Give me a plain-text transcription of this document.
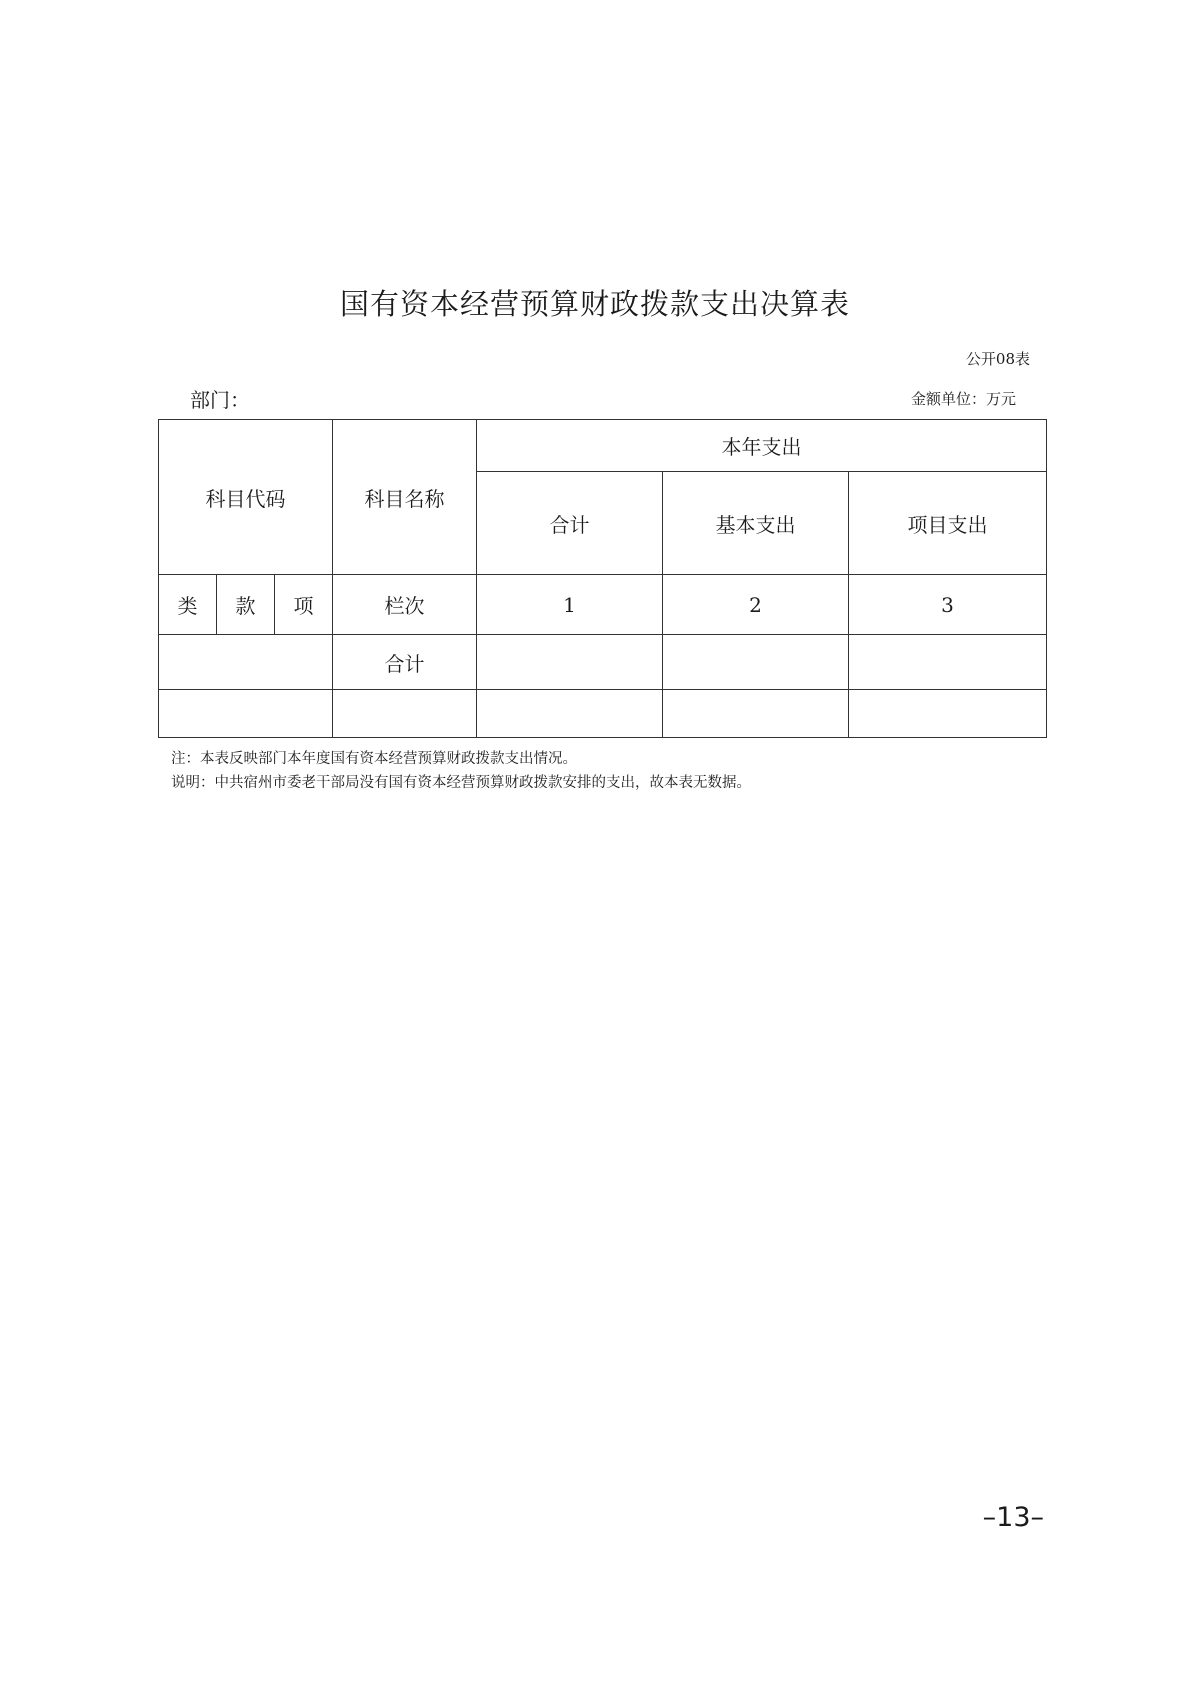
国有资本经营预算财政拨款支出决算表
公开08表
部门：	金额单位：万元
科目代码			科目名称	本年支出		
				合计	基本支出	项目支出
类	款	项	栏次	1	2	3
			合计			

注：本表反映部门本年度国有资本经营预算财政拨款支出情况。
说明：中共宿州市委老干部局没有国有资本经营预算财政拨款安排的支出，故本表无数据。
–13–
